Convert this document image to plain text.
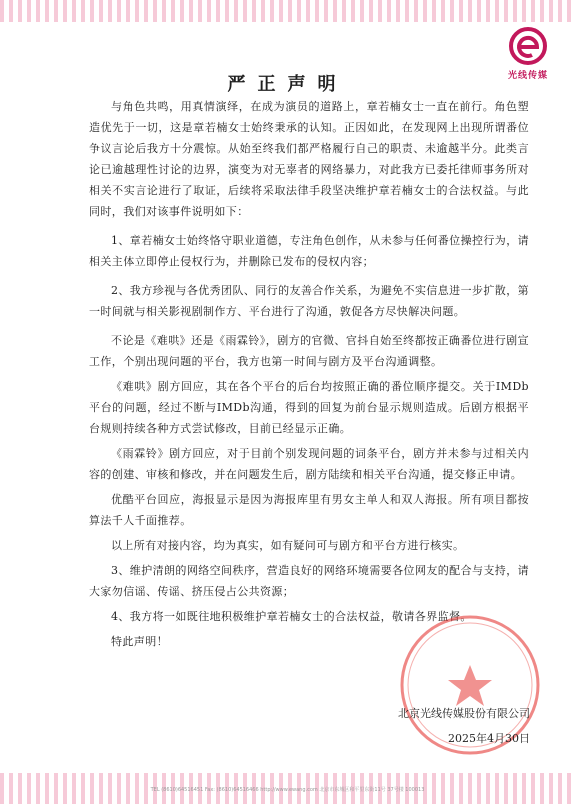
光线传媒
严正声明

与角色共鸣，用真情演绎，在成为演员的道路上，章若楠女士一直在前行。角色塑造优先于一切，这是章若楠女士始终秉承的认知。正因如此，在发现网上出现所谓番位争议言论后我方十分震惊。从始至终我们都严格履行自己的职责、未逾越半分。此类言论已逾越理性讨论的边界，演变为对无辜者的网络暴力，对此我方已委托律师事务所对相关不实言论进行了取证，后续将采取法律手段坚决维护章若楠女士的合法权益。与此同时，我们对该事件说明如下：

1、章若楠女士始终恪守职业道德，专注角色创作，从未参与任何番位操控行为，请相关主体立即停止侵权行为，并删除已发布的侵权内容；

2、我方珍视与各优秀团队、同行的友善合作关系，为避免不实信息进一步扩散，第一时间就与相关影视剧制作方、平台进行了沟通，敦促各方尽快解决问题。

不论是《难哄》还是《雨霖铃》，剧方的官微、官抖自始至终都按正确番位进行剧宣工作，个别出现问题的平台，我方也第一时间与剧方及平台沟通调整。

《难哄》剧方回应，其在各个平台的后台均按照正确的番位顺序提交。关于IMDb平台的问题，经过不断与IMDb沟通，得到的回复为前台显示规则造成。后剧方根据平台规则持续各种方式尝试修改，目前已经显示正确。

《雨霖铃》剧方回应，对于目前个别发现问题的词条平台，剧方并未参与过相关内容的创建、审核和修改，并在问题发生后，剧方陆续和相关平台沟通，提交修正申请。

优酷平台回应，海报显示是因为海报库里有男女主单人和双人海报。所有项目都按算法千人千面推荐。

以上所有对接内容，均为真实，如有疑问可与剧方和平台方进行核实。

3、维护清朗的网络空间秩序，营造良好的网络环境需要各位网友的配合与支持，请大家勿信谣、传谣、挤压侵占公共资源；

4、我方将一如既往地积极维护章若楠女士的合法权益，敬请各界监督。

特此声明！

北京光线传媒股份有限公司
2025年4月30日
TEL (8610)64516451 Fax: (8610)64516466 http://www.ewang.com 北京市东城区和平里东街11号 37号楼 100013
